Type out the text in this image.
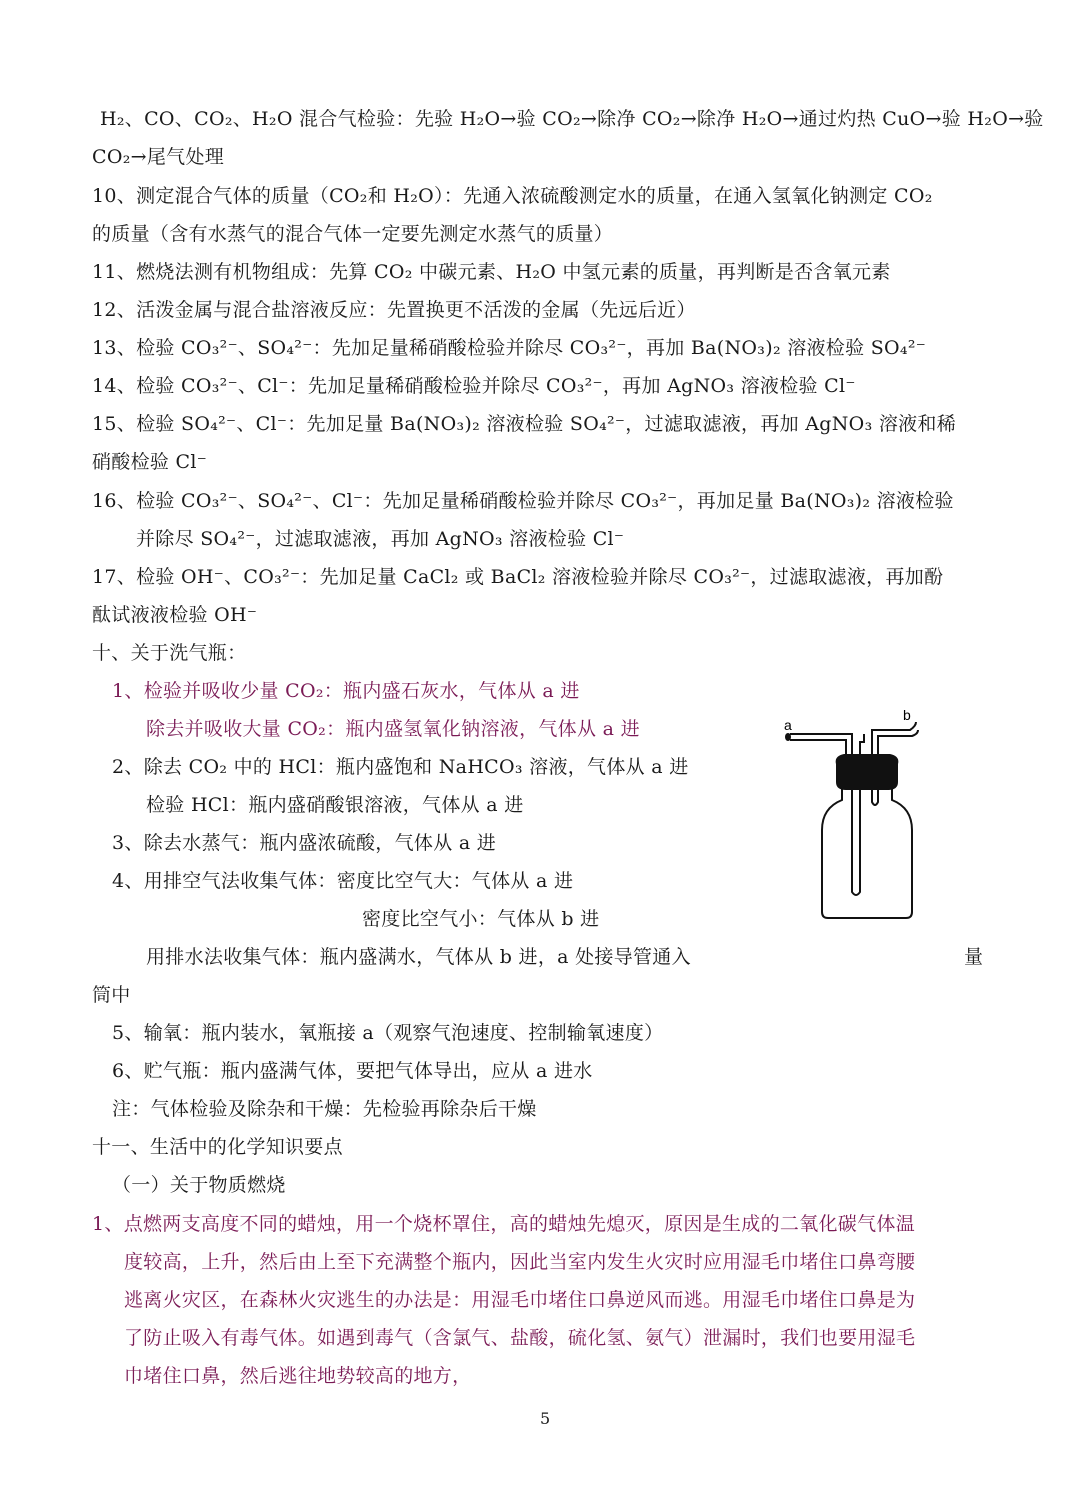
H₂、CO、CO₂、H₂O 混合气检验：先验 H₂O→验 CO₂→除净 CO₂→除净 H₂O→通过灼热 CuO→验 H₂O→验
CO₂→尾气处理
10、测定混合气体的质量（CO₂和 H₂O）：先通入浓硫酸测定水的质量，在通入氢氧化钠测定 CO₂
的质量（含有水蒸气的混合气体一定要先测定水蒸气的质量）
11、燃烧法测有机物组成：先算 CO₂ 中碳元素、H₂O 中氢元素的质量，再判断是否含氧元素
12、活泼金属与混合盐溶液反应：先置换更不活泼的金属（先远后近）
13、检验 CO₃²⁻、SO₄²⁻：先加足量稀硝酸检验并除尽 CO₃²⁻，再加 Ba(NO₃)₂ 溶液检验 SO₄²⁻
14、检验 CO₃²⁻、Cl⁻：先加足量稀硝酸检验并除尽 CO₃²⁻，再加 AgNO₃ 溶液检验 Cl⁻
15、检验 SO₄²⁻、Cl⁻：先加足量 Ba(NO₃)₂ 溶液检验 SO₄²⁻，过滤取滤液，再加 AgNO₃ 溶液和稀
硝酸检验 Cl⁻
16、检验 CO₃²⁻、SO₄²⁻、Cl⁻：先加足量稀硝酸检验并除尽 CO₃²⁻，再加足量 Ba(NO₃)₂ 溶液检验
并除尽 SO₄²⁻，过滤取滤液，再加 AgNO₃ 溶液检验 Cl⁻
17、检验 OH⁻、CO₃²⁻：先加足量 CaCl₂ 或 BaCl₂ 溶液检验并除尽 CO₃²⁻，过滤取滤液，再加酚
酞试液液检验 OH⁻
十、关于洗气瓶：
1、检验并吸收少量 CO₂：瓶内盛石灰水，气体从 a 进
除去并吸收大量 CO₂：瓶内盛氢氧化钠溶液，气体从 a 进
2、除去 CO₂ 中的 HCl：瓶内盛饱和 NaHCO₃ 溶液，气体从 a 进
检验 HCl：瓶内盛硝酸银溶液，气体从 a 进
3、除去水蒸气：瓶内盛浓硫酸，气体从 a 进
4、用排空气法收集气体：密度比空气大：气体从 a 进
密度比空气小：气体从 b 进
用排水法收集气体：瓶内盛满水，气体从 b 进，a 处接导管通入	量
筒中
5、输氧：瓶内装水，氧瓶接 a（观察气泡速度、控制输氧速度）
6、贮气瓶：瓶内盛满气体，要把气体导出，应从 a 进水
注：气体检验及除杂和干燥：先检验再除杂后干燥
十一、生活中的化学知识要点
（一）关于物质燃烧
1、点燃两支高度不同的蜡烛，用一个烧杯罩住，高的蜡烛先熄灭，原因是生成的二氧化碳气体温
度较高，上升，然后由上至下充满整个瓶内，因此当室内发生火灾时应用湿毛巾堵住口鼻弯腰
逃离火灾区，在森林火灾逃生的办法是：用湿毛巾堵住口鼻逆风而逃。用湿毛巾堵住口鼻是为
了防止吸入有毒气体。如遇到毒气（含氯气、盐酸，硫化氢、氨气）泄漏时，我们也要用湿毛
巾堵住口鼻，然后逃往地势较高的地方，
a
b
5
